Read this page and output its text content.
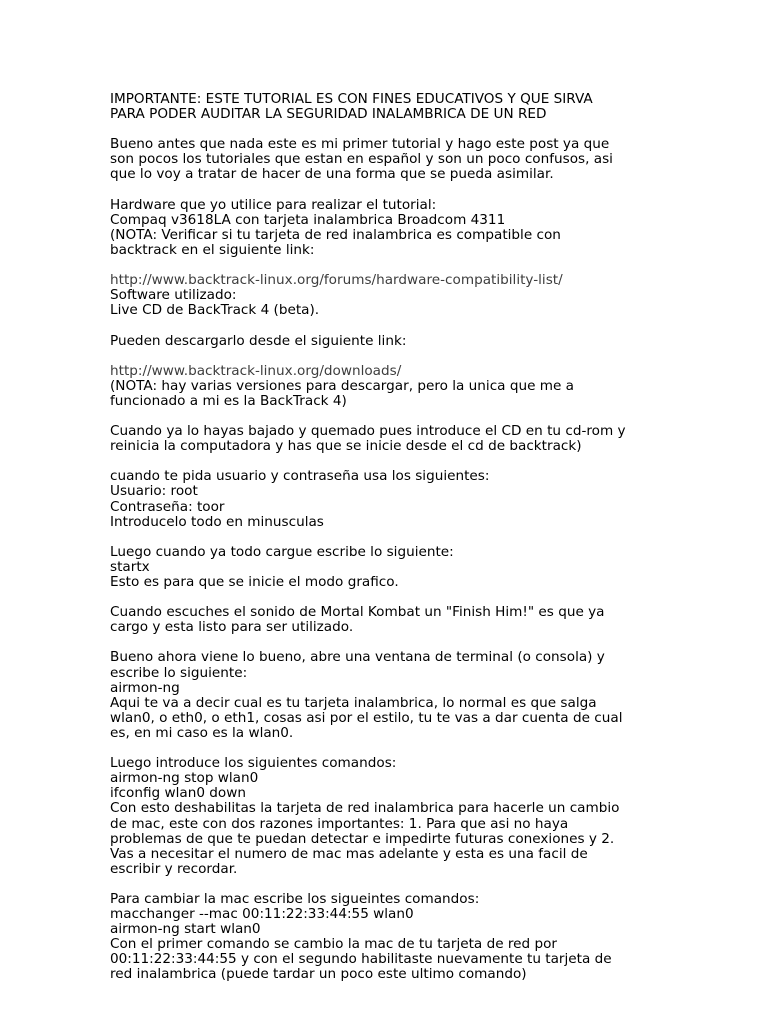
IMPORTANTE: ESTE TUTORIAL ES CON FINES EDUCATIVOS Y QUE SIRVA
PARA PODER AUDITAR LA SEGURIDAD INALAMBRICA DE UN RED
Bueno antes que nada este es mi primer tutorial y hago este post ya que
son pocos los tutoriales que estan en español y son un poco confusos, asi
que lo voy a tratar de hacer de una forma que se pueda asimilar.
Hardware que yo utilice para realizar el tutorial:
Compaq v3618LA con tarjeta inalambrica Broadcom 4311
(NOTA: Verificar si tu tarjeta de red inalambrica es compatible con
backtrack en el siguiente link:
http://www.backtrack-linux.org/forums/hardware-compatibility-list/
Software utilizado:
Live CD de BackTrack 4 (beta).
Pueden descargarlo desde el siguiente link:
http://www.backtrack-linux.org/downloads/
(NOTA: hay varias versiones para descargar, pero la unica que me a
funcionado a mi es la BackTrack 4)
Cuando ya lo hayas bajado y quemado pues introduce el CD en tu cd-rom y
reinicia la computadora y has que se inicie desde el cd de backtrack)
cuando te pida usuario y contraseña usa los siguientes:
Usuario: root
Contraseña: toor
Introducelo todo en minusculas
Luego cuando ya todo cargue escribe lo siguiente:
startx
Esto es para que se inicie el modo grafico.
Cuando escuches el sonido de Mortal Kombat un "Finish Him!" es que ya
cargo y esta listo para ser utilizado.
Bueno ahora viene lo bueno, abre una ventana de terminal (o consola) y
escribe lo siguiente:
airmon-ng
Aqui te va a decir cual es tu tarjeta inalambrica, lo normal es que salga
wlan0, o eth0, o eth1, cosas asi por el estilo, tu te vas a dar cuenta de cual
es, en mi caso es la wlan0.
Luego introduce los siguientes comandos:
airmon-ng stop wlan0
ifconfig wlan0 down
Con esto deshabilitas la tarjeta de red inalambrica para hacerle un cambio
de mac, este con dos razones importantes: 1. Para que asi no haya
problemas de que te puedan detectar e impedirte futuras conexiones y 2.
Vas a necesitar el numero de mac mas adelante y esta es una facil de
escribir y recordar.
Para cambiar la mac escribe los sigueintes comandos:
macchanger --mac 00:11:22:33:44:55 wlan0
airmon-ng start wlan0
Con el primer comando se cambio la mac de tu tarjeta de red por
00:11:22:33:44:55 y con el segundo habilitaste nuevamente tu tarjeta de
red inalambrica (puede tardar un poco este ultimo comando)
